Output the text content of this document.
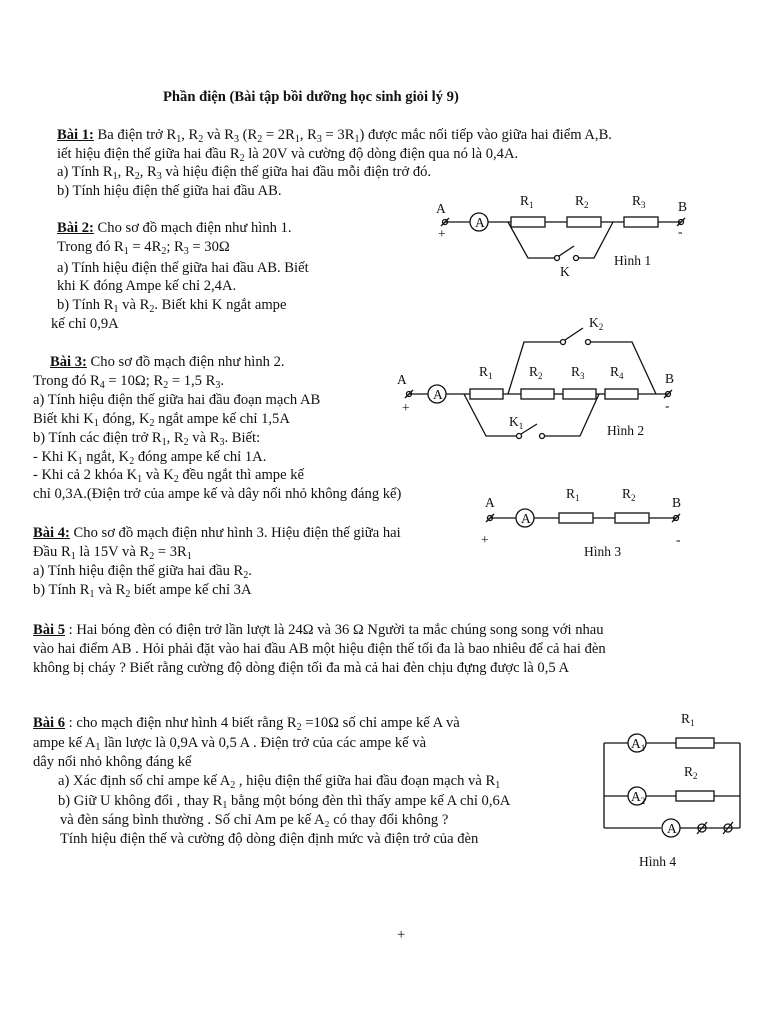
Phần điện (Bài tập bồi dưỡng học sinh giỏi lý 9)
Bài 1: Ba điện trở $R_1$, $R_2$ và $R_3$ ($R_2 = 2R_1$, $R_3 = 3R_1$) được mắc nối tiếp vào giữa hai điểm A,B.
iết hiệu điện thế giữa hai đầu $R_2$ là 20V và cường độ dòng điện qua nó là 0,4A.
a) Tính $R_1$, $R_2$, $R_3$ và hiệu điện thế giữa hai đầu mỗi điện trở đó.
b) Tính hiệu điện thế giữa hai đầu AB.
Bài 2: Cho sơ đồ mạch điện như hình 1.
Trong đó $R_1 = 4R_2$; $R_3 = 30\Omega$
a) Tính hiệu điện thế giữa hai đầu AB. Biết
khi K đóng Ampe kế chỉ 2,4A.
b) Tính $R_1$ và $R_2$. Biết khi K ngắt ampe
kế chỉ 0,9A
Bài 3: Cho sơ đồ mạch điện như hình 2.
Trong đó $R_4 = 10\Omega$; $R_2 = 1,5$ $R_3$.
a) Tính hiệu điện thế giữa hai đầu đoạn mạch AB
Biết khi $K_1$ đóng, $K_2$ ngắt ampe kế chỉ 1,5A
b) Tính các điện trở $R_1$, $R_2$ và $R_3$. Biết:
- Khi $K_1$ ngắt, $K_2$ đóng ampe kế chỉ 1A.
- Khi cả 2 khóa $K_1$ và $K_2$ đều ngắt thì ampe kế
chỉ 0,3A.(Điện trở của ampe kế và dây nối nhỏ không đáng kể)
Bài 4: Cho sơ đồ mạch điện như hình 3. Hiệu điện thế giữa hai
Đầu $R_1$ là 15V và $R_2 = 3R_1$
a) Tính hiệu điện thế giữa hai đầu $R_2$.
b) Tính $R_1$ và $R_2$ biết ampe kế chỉ 3A
Bài 5 : Hai bóng đèn có điện trở lần lượt là 24Ω và 36 Ω Người ta mắc chúng song song với nhau
vào hai điểm AB . Hỏi phải đặt vào hai đầu AB một hiệu điện thế tối đa là bao nhiêu để cả hai đèn
không bị cháy ? Biết rằng cường độ dòng điện tối đa mà cả hai đèn chịu đựng được là 0,5 A
Bài 6 : cho mạch điện như hình 4 biết rằng $R_2 =10\Omega$ số chỉ ampe kế A và
ampe kế $A_1$ lần lược là 0,9A và 0,5 A . Điện trở của các ampe kế và
dây nối nhỏ không đáng kể
a) Xác định số chỉ ampe kế $A_2$ , hiệu điện thế giữa hai đầu đoạn mạch và $R_1$
b) Giữ U không đổi , thay $R_1$ bằng một bóng đèn thì thấy ampe kế A chỉ 0,6A
và đèn sáng bình thường . Số chỉ Am pe kế A₂ có thay đổi không ?
Tính hiệu điện thế và cường độ dòng điện định mức và điện trở của đèn
+
A
+
A
$R_1$	$R_2$	$R_3$ B
-
K
Hình 1
A
+
A
$R_1$	$R_2$ $R_3$ $R_4$
$K_2$
$K_1$
B
-
Hình 2
A
+
A
$R_1$	$R_2$	B
-
Hình 3
$A_1$
$A_2$
A
$R_1$
$R_2$
Hình 4
